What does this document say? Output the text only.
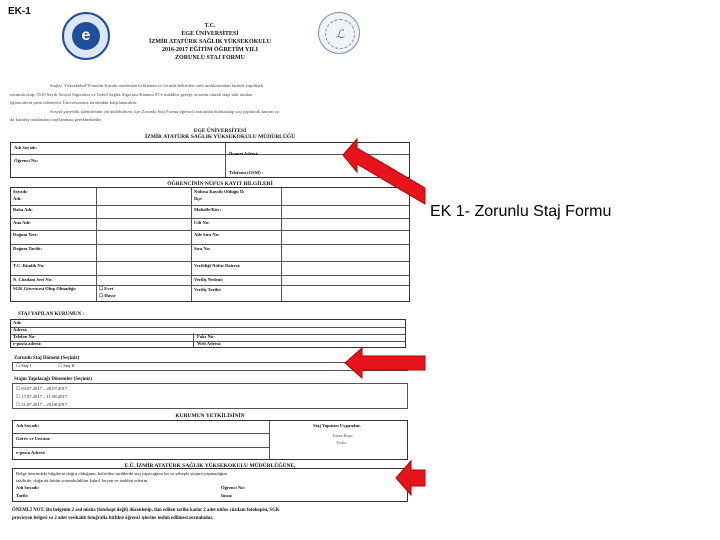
EK-1
e	ℒ
T.C.
EGE ÜNİVERSİTESİ
İZMİR ATATÜRK SAĞLIK YÜKSEKOKULU
2016-2017 EĞİTİM ÖĞRETİM YILI
ZORUNLU STAJ FORMU
Stajlar, Yüksekokul Yönetim Kurulu tarafından belirlenen ve formda belirtilen tarih aralıklarından birinde yapılmak
zorunda olup, 5510 Sayılı Sosyal Sigortalar ve Genel Sağlık Sigortası Kanunu 87/e maddesi gereği, zorunlu olarak staja tabi tutulan
öğrencilerin prim ödemeleri Üniversitemiz tarafından karşılanacaktır.
Sosyal güvenlik işlemlerinin yürütülebilmesi için Zorunlu Staj Formu öğrenci tarafından doldurulup staj yapılacak kurum ya
da kuruluş tarafından onaylanması gerekmektedir.
EGE ÜNİVERSİTESİ
İZMİR ATATÜRK SAĞLIK YÜKSEKOKULU MÜDÜRLÜĞÜ
Adı Soyadı:
Öğrenci No:
İkamet Adresi:
Telefonu (GSM) :
ÖĞRENCİNİN NÜFUS KAYIT BİLGİLERİ
Soyadı:
Adı:
Nüfusa Kayıtlı Olduğu İl:
İlçe:
Baba Adı:	Mahalle/Köy:
Ana Adı:	Cilt No:
Doğum Yeri:	Aile Sıra No:
Doğum Tarihi:	Sıra No:
T.C. Kimlik No:	Verildiği Nüfus Dairesi:
N. Cüzdanı Seri No:	Veriliş Nedeni:
SGK Güvencesi Olup Olmadığı:	☐ Evet
☐ Hayır
Veriliş Tarihi:
STAJ YAPILAN KURUMUN :
Adı:
Adresi:
Telefon No:	Faks No:
e-posta adresi:	Web Adresi:
Zorunlu Staj Dönemi (Seçiniz)
☐ Staj I	☐ Staj II
Stajın Yapılacağı Dönemler (Seçiniz)
☐ 03.07.2017 – 28.07.2017
☐ 17.07.2017 – 11.08.2017
☐ 31.07.2017 – 25.08.2017
KURUMUN YETKİLİSİNİN
Adı Soyadı:
Görev ve Unvanı:
e-posta Adresi:
Staj Yapması Uygundur.
İmza/Kaşe
Tarih:
E.Ü. İZMİR ATATÜRK SAĞLIK YÜKSEKOKULU MÜDÜRLÜĞÜNE,
Belge üzerindeki bilgilerin doğru olduğunu, belirtilen tarihlerde staj yapacağımı bu ve sebeple stajımı yapmadığım
takdirde, doğacak bütün sorumlulukları kabul, beyan ve taahhüt ederim.
Adı Soyadı:	Öğrenci No:
Tarih:	İmza:
ÖNEMLİ NOT: Bu belgenin 2 asıl nüsha (fotokopi değil) düzenlenip, ilan edilen tarihe kadar 2 adet nüfus cüzdanı fotokopisi, SGK
provizyon belgesi ve 2 adet vesikalık fotoğrafla birlikte öğrenci işlerine teslim edilmesi zorunludur.
EK 1- Zorunlu Staj Formu
